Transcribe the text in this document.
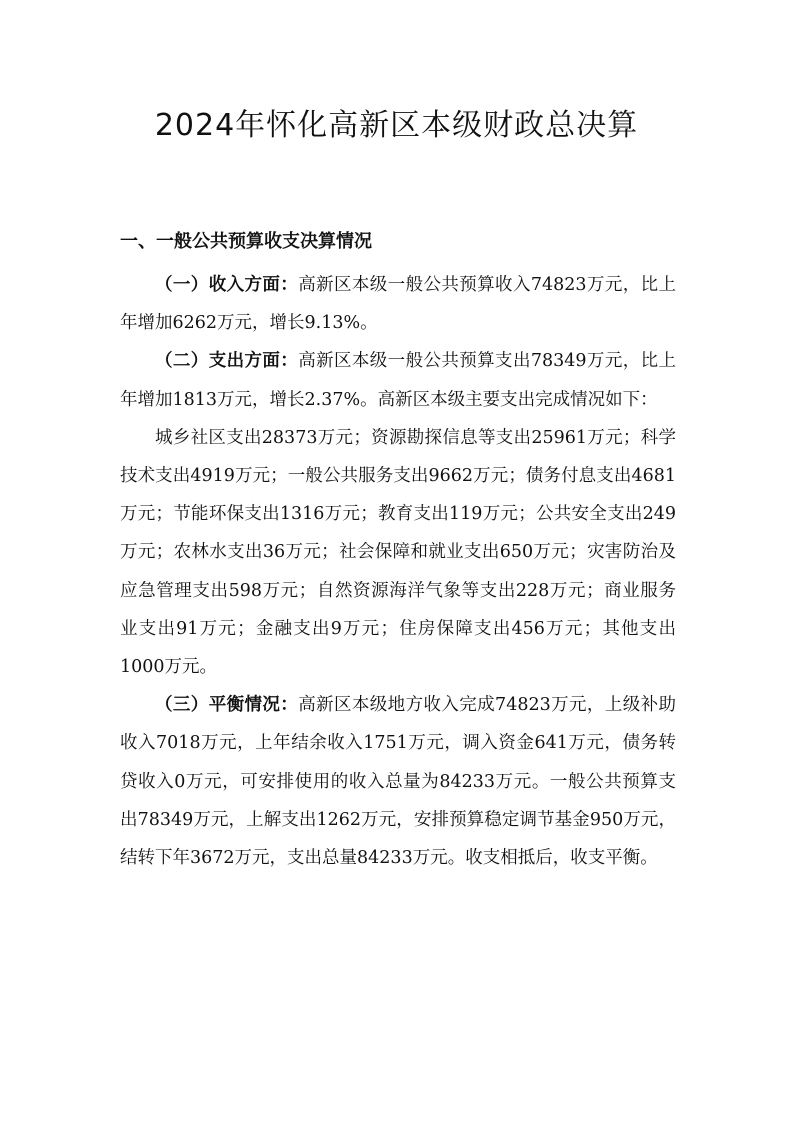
2024年怀化高新区本级财政总决算
一、一般公共预算收支决算情况

（一）收入方面：高新区本级一般公共预算收入74823万元，比上年增加6262万元，增长9.13%。

（二）支出方面：高新区本级一般公共预算支出78349万元，比上年增加1813万元，增长2.37%。高新区本级主要支出完成情况如下：

城乡社区支出28373万元；资源勘探信息等支出25961万元；科学技术支出4919万元；一般公共服务支出9662万元；债务付息支出4681万元；节能环保支出1316万元；教育支出119万元；公共安全支出249万元；农林水支出36万元；社会保障和就业支出650万元；灾害防治及应急管理支出598万元；自然资源海洋气象等支出228万元；商业服务业支出91万元；金融支出9万元；住房保障支出456万元；其他支出1000万元。

（三）平衡情况：高新区本级地方收入完成74823万元，上级补助收入7018万元，上年结余收入1751万元，调入资金641万元，债务转贷收入0万元，可安排使用的收入总量为84233万元。一般公共预算支出78349万元，上解支出1262万元，安排预算稳定调节基金950万元，结转下年3672万元，支出总量84233万元。收支相抵后，收支平衡。
